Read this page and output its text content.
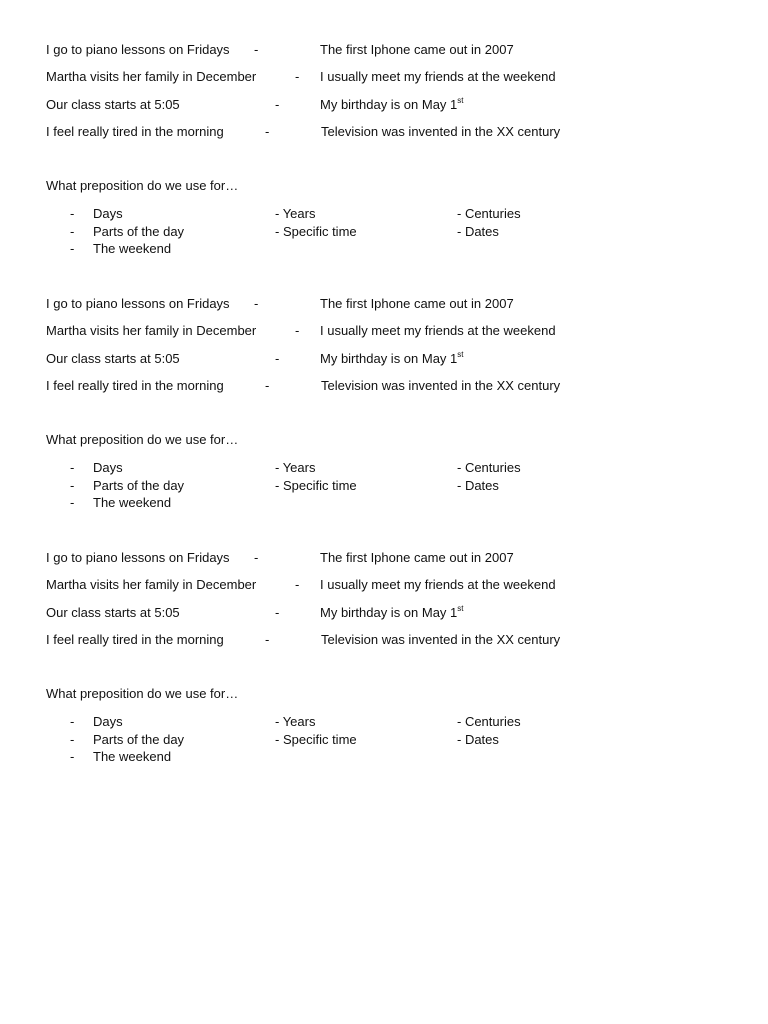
I go to piano lessons on Fridays -	The first Iphone came out in 2007
Martha visits her family in December	- I usually meet my friends at the weekend
Our class starts at 5:05	-	My birthday is on May 1st
I feel really tired in the morning	-	Television was invented in the XX century
What preposition do we use for…
- Days	- Years	- Centuries
- Parts of the day	- Specific time	- Dates
- The weekend
I go to piano lessons on Fridays -	The first Iphone came out in 2007
Martha visits her family in December	- I usually meet my friends at the weekend
Our class starts at 5:05	-	My birthday is on May 1st
I feel really tired in the morning	-	Television was invented in the XX century
What preposition do we use for…
- Days	- Years	- Centuries
- Parts of the day	- Specific time	- Dates
- The weekend
I go to piano lessons on Fridays -	The first Iphone came out in 2007
Martha visits her family in December	- I usually meet my friends at the weekend
Our class starts at 5:05	-	My birthday is on May 1st
I feel really tired in the morning	-	Television was invented in the XX century
What preposition do we use for…
- Days	- Years	- Centuries
- Parts of the day	- Specific time	- Dates
- The weekend
